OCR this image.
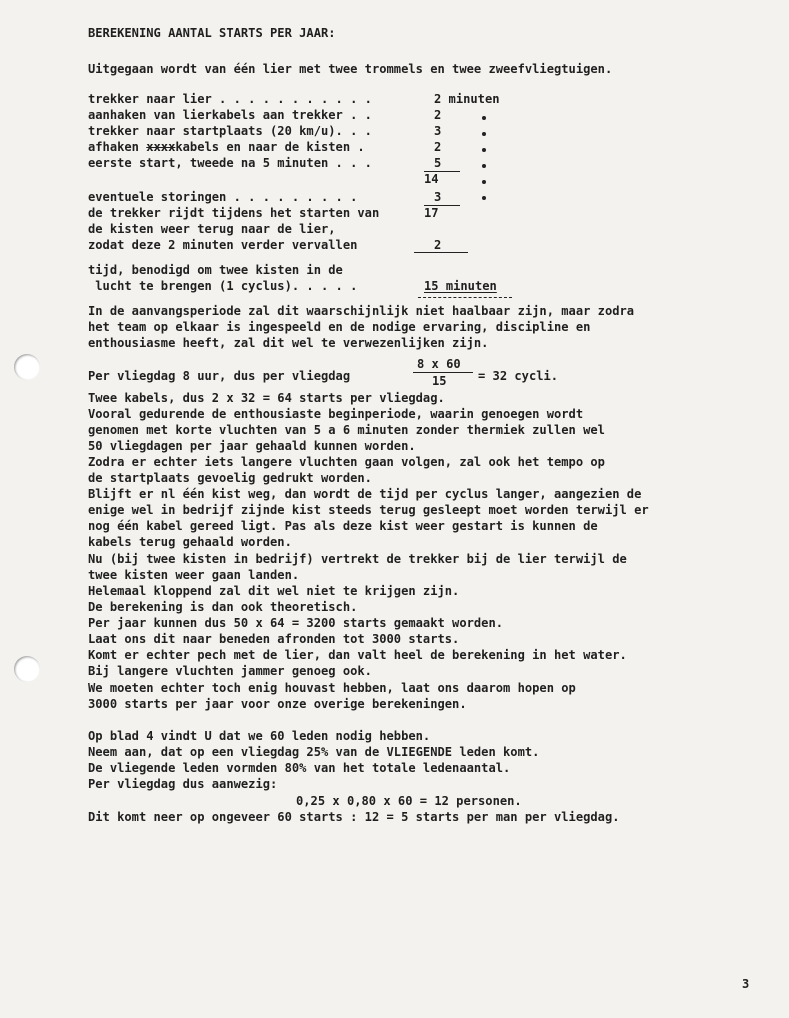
BEREKENING AANTAL STARTS PER JAAR:
Uitgegaan wordt van één lier met twee trommels en twee zweefvliegtuigen.
trekker naar lier . . . . . . . . . . .	2 minuten
aanhaken van lierkabels aan trekker . .	2
trekker naar startplaats (20 km/u). . .	3
afhaken xxxxkabels en naar de kisten .	2
eerste start, tweede na 5 minuten . . .	5
14
eventuele storingen . . . . . . . . .	3
17
de trekker rijdt tijdens het starten van
de kisten weer terug naar de lier,
zodat deze 2 minuten verder vervallen	2
tijd, benodigd om twee kisten in de
lucht te brengen (1 cyclus). . . . .	15 minuten
In de aanvangsperiode zal dit waarschijnlijk niet haalbaar zijn, maar zodra
het team op elkaar is ingespeeld en de nodige ervaring, discipline en
enthousiasme heeft, zal dit wel te verwezenlijken zijn.
Per vliegdag 8 uur, dus per vliegdag
8 x 60
15	= 32 cycli.
Twee kabels, dus 2 x 32 = 64 starts per vliegdag.
Vooral gedurende de enthousiaste beginperiode, waarin genoegen wordt
genomen met korte vluchten van 5 a 6 minuten zonder thermiek zullen wel
50 vliegdagen per jaar gehaald kunnen worden.
Zodra er echter iets langere vluchten gaan volgen, zal ook het tempo op
de startplaats gevoelig gedrukt worden.
Blijft er nl één kist weg, dan wordt de tijd per cyclus langer, aangezien de
enige wel in bedrijf zijnde kist steeds terug gesleept moet worden terwijl er
nog één kabel gereed ligt. Pas als deze kist weer gestart is kunnen de
kabels terug gehaald worden.
Nu (bij twee kisten in bedrijf) vertrekt de trekker bij de lier terwijl de
twee kisten weer gaan landen.
Helemaal kloppend zal dit wel niet te krijgen zijn.
De berekening is dan ook theoretisch.
Per jaar kunnen dus 50 x 64 = 3200 starts gemaakt worden.
Laat ons dit naar beneden afronden tot 3000 starts.
Komt er echter pech met de lier, dan valt heel de berekening in het water.
Bij langere vluchten jammer genoeg ook.
We moeten echter toch enig houvast hebben, laat ons daarom hopen op
3000 starts per jaar voor onze overige berekeningen.
Op blad 4 vindt U dat we 60 leden nodig hebben.
Neem aan, dat op een vliegdag 25% van de VLIEGENDE leden komt.
De vliegende leden vormden 80% van het totale ledenaantal.
Per vliegdag dus aanwezig:
0,25 x 0,80 x 60 = 12 personen.
Dit komt neer op ongeveer 60 starts : 12 = 5 starts per man per vliegdag.
3
